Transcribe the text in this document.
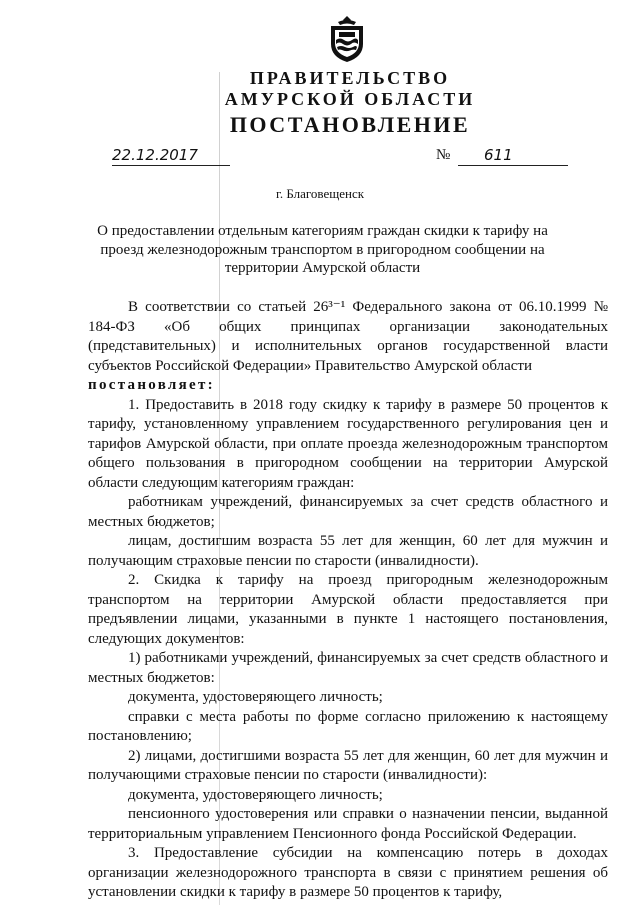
ПРАВИТЕЛЬСТВО
АМУРСКОЙ ОБЛАСТИ
ПОСТАНОВЛЕНИЕ
22.12.2017	№	611
г. Благовещенск
О предоставлении отдельным категориям граждан скидки к тарифу на проезд железнодорожным транспортом в пригородном сообщении на территории Амурской области

В соответствии со статьей 26³⁻¹ Федерального закона от 06.10.1999 № 184-ФЗ «Об общих принципах организации законодательных (представительных) и исполнительных органов государственной власти субъектов Российской Федерации» Правительство Амурской области

постановляет:

1. Предоставить в 2018 году скидку к тарифу в размере 50 процентов к тарифу, установленному управлением государственного регулирования цен и тарифов Амурской области, при оплате проезда железнодорожным транспортом общего пользования в пригородном сообщении на территории Амурской области следующим категориям граждан:

работникам учреждений, финансируемых за счет средств областного и местных бюджетов;

лицам, достигшим возраста 55 лет для женщин, 60 лет для мужчин и получающим страховые пенсии по старости (инвалидности).

2. Скидка к тарифу на проезд пригородным железнодорожным транспортом на территории Амурской области предоставляется при предъявлении лицами, указанными в пункте 1 настоящего постановления, следующих документов:

1) работниками учреждений, финансируемых за счет средств областного и местных бюджетов:

документа, удостоверяющего личность;

справки с места работы по форме согласно приложению к настоящему постановлению;

2) лицами, достигшими возраста 55 лет для женщин, 60 лет для мужчин и получающими страховые пенсии по старости (инвалидности):

документа, удостоверяющего личность;

пенсионного удостоверения или справки о назначении пенсии, выданной территориальным управлением Пенсионного фонда Российской Федерации.

3. Предоставление субсидии на компенсацию потерь в доходах организации железнодорожного транспорта в связи с принятием решения об установлении скидки к тарифу в размере 50 процентов к тарифу,
